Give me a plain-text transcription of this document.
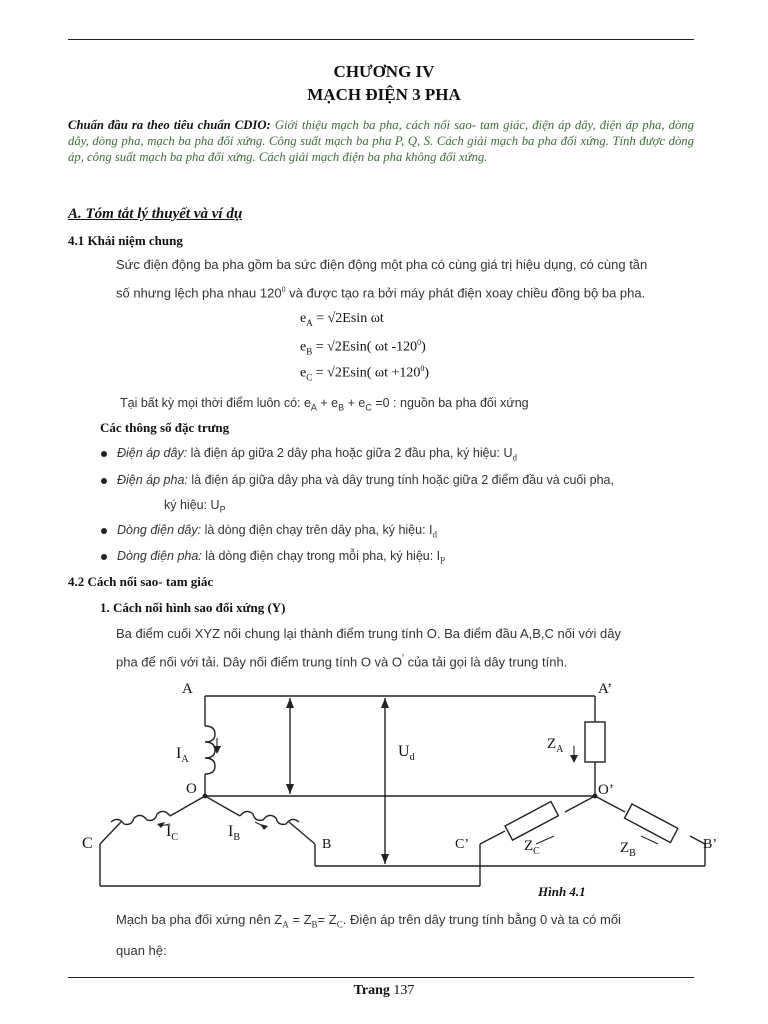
CHƯƠNG IV
MẠCH ĐIỆN 3 PHA
Chuẩn đầu ra theo tiêu chuẩn CDIO: Giới thiệu mạch ba pha, cách nối sao- tam giác, điện áp dây, điện áp pha, dòng dây, dòng pha, mạch ba pha đối xứng. Công suất mạch ba pha P, Q, S. Cách giải mạch ba pha đối xứng. Tính được dòng áp, công suất mạch ba pha đối xứng. Cách giải mạch điện ba pha không đối xứng.
A. Tóm tắt lý thuyết và ví dụ
4.1 Khái niệm chung
Sức điện động ba pha gồm ba sức điện động một pha có cùng giá trị hiệu dụng, có cùng tần
số nhưng lệch pha nhau $120^0$ và được tạo ra bởi máy phát điện xoay chiều đồng bộ ba pha.
$e_A = √2Esin$ ωt
$e_B = √2Esin$( ωt $-120^0$)
$e_C = √2Esin$( $\omega t +120^0$)
Tại bất kỳ mọi thời điểm luôn có: $e_A + e_B + e_C =0$ : nguồn ba pha đối xứng
Các thông số đặc trưng
Điện áp dây: là điện áp giữa 2 dây pha hoặc giữa 2 đầu pha, ký hiệu: $U_d$
Điện áp pha: là điện áp giữa dây pha và dây trung tính hoặc giữa 2 điểm đầu và cuối pha,
ký hiệu: $U_P$
Dòng điện dây: là dòng điện chạy trên dây pha, ký hiệu: $I_d$
Dòng điện pha: là dòng điện chạy trong mỗi pha, ký hiệu: $I_P$
4.2 Cách nối sao- tam giác
1. Cách nối hình sao đối xứng (Y)
Ba điểm cuối XYZ nối chung lại thành điểm trung tính O. Ba điểm đầu A,B,C nối với dây
pha để nối với tải. Dây nối điểm trung tính O và O' của tải gọi là dây trung tính.
A	A’
O	O’
C	C’
B	B’
$U_d$
$I_A$
$I_C$	$I_B$
$Z_A$
$Z_C$	$Z_B$
Hình 4.1
Mạch ba pha đối xứng nên $Z_A = Z_B= Z_C$. Điện áp trên dây trung tính bằng 0 và ta có mối
quan hệ:
Trang 137
